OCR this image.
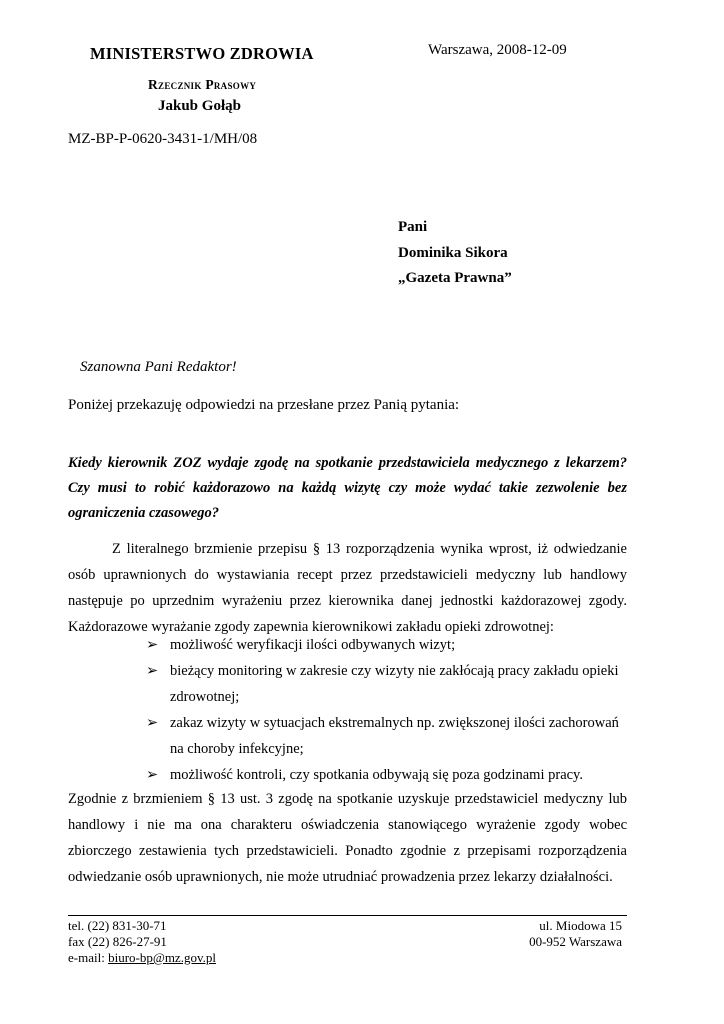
MINISTERSTWO ZDROWIA	Warszawa, 2008-12-09
Rzecznik Prasowy
Jakub Gołąb
MZ-BP-P-0620-3431-1/MH/08
Pani
Dominika Sikora
„Gazeta Prawna”
Szanowna Pani Redaktor!
Poniżej przekazuję odpowiedzi na przesłane przez Panią pytania:
Kiedy kierownik ZOZ wydaje zgodę na spotkanie przedstawiciela medycznego z lekarzem? Czy musi to robić każdorazowo na każdą wizytę czy może wydać takie zezwolenie bez ograniczenia czasowego?
Z literalnego brzmienie przepisu § 13 rozporządzenia wynika wprost, iż odwiedzanie osób uprawnionych do wystawiania recept przez przedstawicieli medyczny lub handlowy następuje po uprzednim wyrażeniu przez kierownika danej jednostki każdorazowej zgody. Każdorazowe wyrażanie zgody zapewnia kierownikowi zakładu opieki zdrowotnej:
➢ możliwość weryfikacji ilości odbywanych wizyt;
➢ bieżący monitoring w zakresie czy wizyty nie zakłócają pracy zakładu opieki zdrowotnej;
➢ zakaz wizyty w sytuacjach ekstremalnych np. zwiększonej ilości zachorowań na choroby infekcyjne;
➢ możliwość kontroli, czy spotkania odbywają się poza godzinami pracy.
Zgodnie z brzmieniem § 13 ust. 3 zgodę na spotkanie uzyskuje przedstawiciel medyczny lub handlowy i nie ma ona charakteru oświadczenia stanowiącego wyrażenie zgody wobec zbiorczego zestawienia tych przedstawicieli. Ponadto zgodnie z przepisami rozporządzenia odwiedzanie osób uprawnionych, nie może utrudniać prowadzenia przez lekarzy działalności.
tel. (22) 831-30-71
fax (22) 826-27-91
e-mail: biuro-bp@mz.gov.pl
ul. Miodowa 15
00-952 Warszawa
